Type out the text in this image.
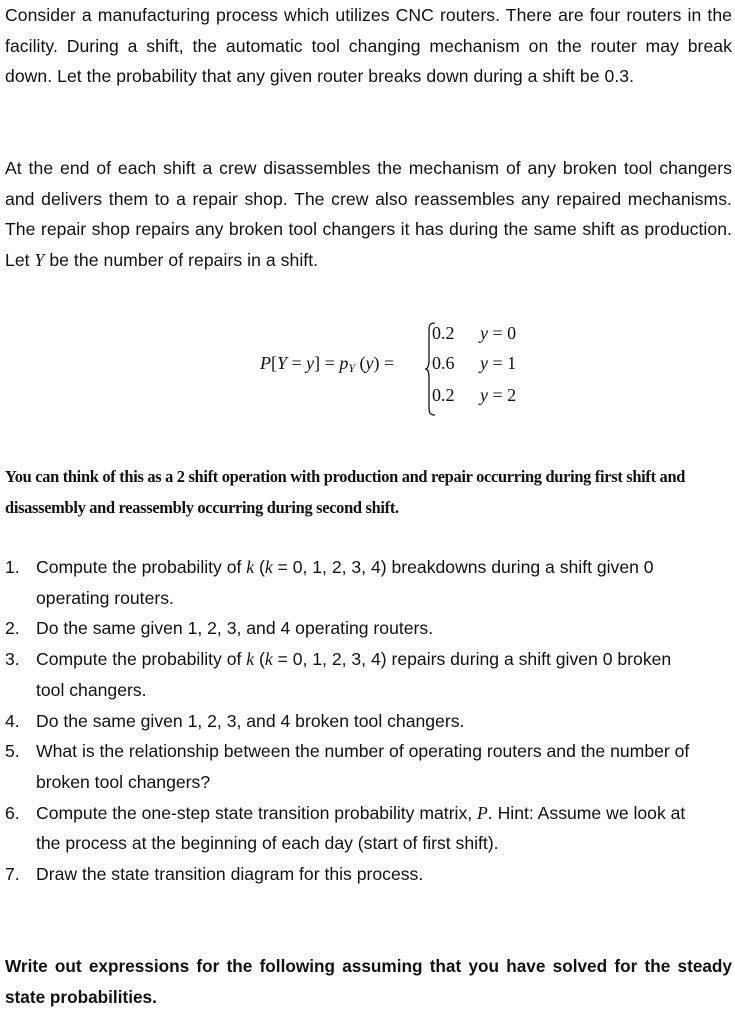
Consider a manufacturing process which utilizes CNC routers. There are four routers in the facility. During a shift, the automatic tool changing mechanism on the router may break down. Let the probability that any given router breaks down during a shift be 0.3.

At the end of each shift a crew disassembles the mechanism of any broken tool changers and delivers them to a repair shop. The crew also reassembles any repaired mechanisms. The repair shop repairs any broken tool changers it has during the same shift as production. Let Y be the number of repairs in a shift.

$P[Y = y] = p_Y$ (y) =
0.2 y = 0
0.6 y = 1
0.2 y = 2

You can think of this as a 2 shift operation with production and repair occurring during first shift and disassembly and reassembly occurring during second shift.

1. Compute the probability of k (k = 0, 1, 2, 3, 4) breakdowns during a shift given 0 operating routers.
2. Do the same given 1, 2, 3, and 4 operating routers.
3. Compute the probability of k (k = 0, 1, 2, 3, 4) repairs during a shift given 0 broken tool changers.
4. Do the same given 1, 2, 3, and 4 broken tool changers.
5. What is the relationship between the number of operating routers and the number of broken tool changers?
6. Compute the one-step state transition probability matrix, P. Hint: Assume we look at the process at the beginning of each day (start of first shift).
7. Draw the state transition diagram for this process.

Write out expressions for the following assuming that you have solved for the steady state probabilities.
